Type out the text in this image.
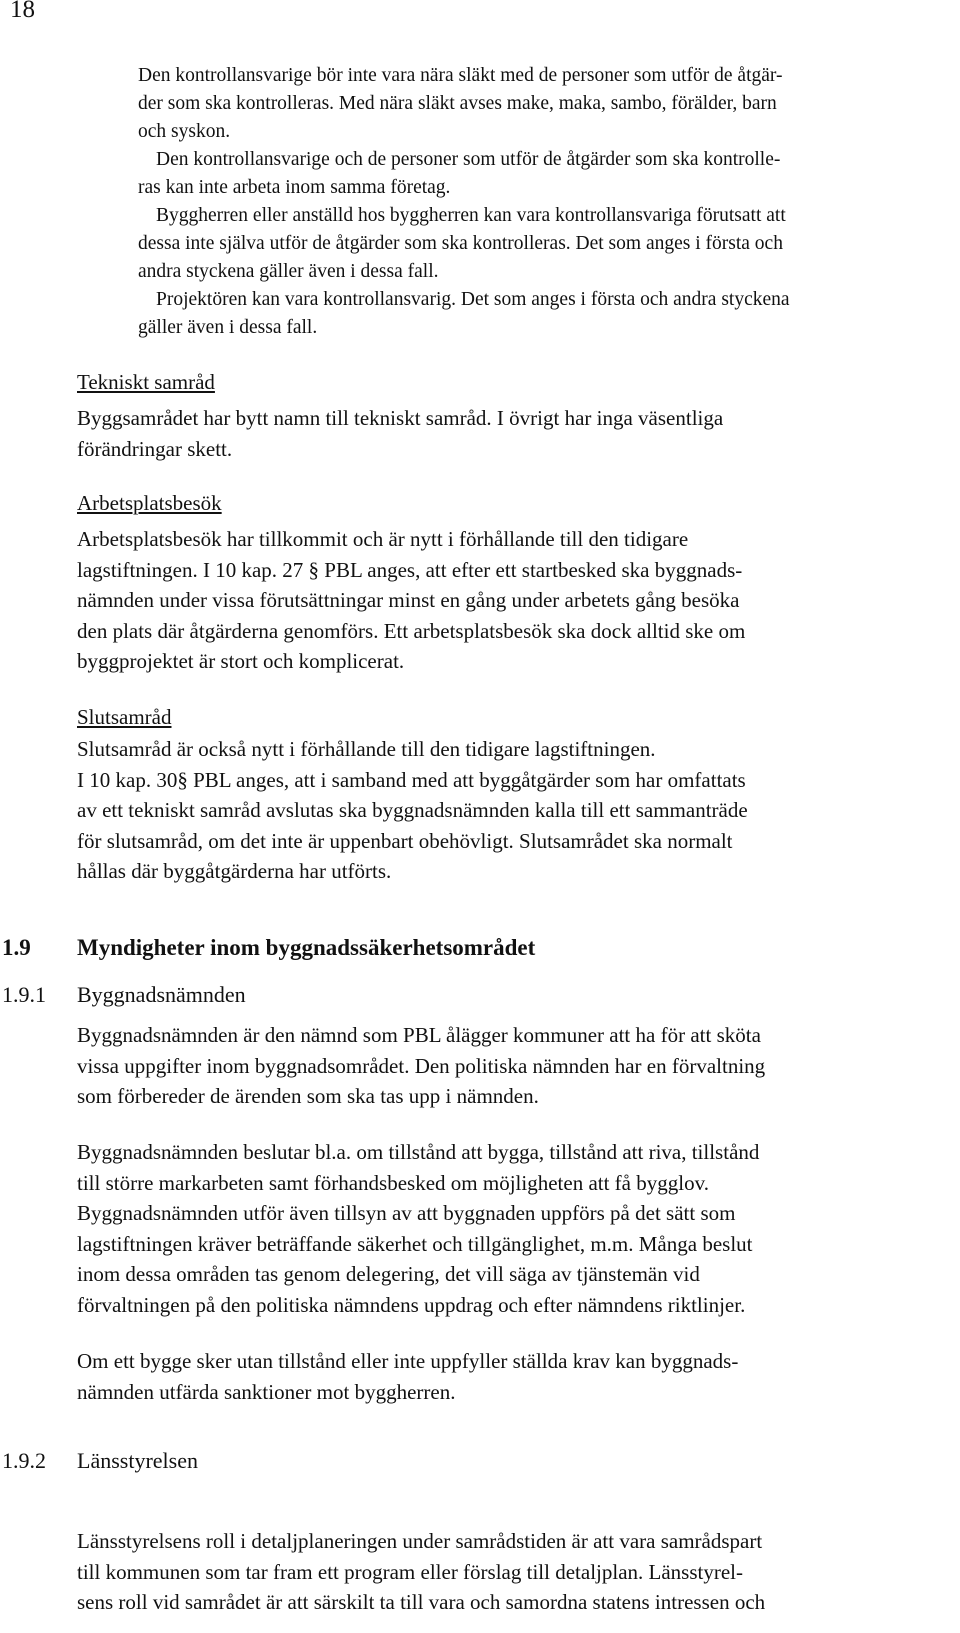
18
Den kontrollansvarige bör inte vara nära släkt med de personer som utför de åtgär-
der som ska kontrolleras. Med nära släkt avses make, maka, sambo, förälder, barn
och syskon.
Den kontrollansvarige och de personer som utför de åtgärder som ska kontrolle-
ras kan inte arbeta inom samma företag.
Byggherren eller anställd hos byggherren kan vara kontrollansvariga förutsatt att
dessa inte själva utför de åtgärder som ska kontrolleras. Det som anges i första och
andra styckena gäller även i dessa fall.
Projektören kan vara kontrollansvarig. Det som anges i första och andra styckena
gäller även i dessa fall.
Tekniskt samråd
Byggsamrådet har bytt namn till tekniskt samråd. I övrigt har inga väsentliga
förändringar skett.
Arbetsplatsbesök
Arbetsplatsbesök har tillkommit och är nytt i förhållande till den tidigare
lagstiftningen. I 10 kap. 27 § PBL anges, att efter ett startbesked ska byggnads-
nämnden under vissa förutsättningar minst en gång under arbetets gång besöka
den plats där åtgärderna genomförs. Ett arbetsplatsbesök ska dock alltid ske om
byggprojektet är stort och komplicerat.
Slutsamråd
Slutsamråd är också nytt i förhållande till den tidigare lagstiftningen.
I 10 kap. 30§ PBL anges, att i samband med att byggåtgärder som har omfattats
av ett tekniskt samråd avslutas ska byggnadsnämnden kalla till ett sammanträde
för slutsamråd, om det inte är uppenbart obehövligt. Slutsamrådet ska normalt
hållas där byggåtgärderna har utförts.
1.9 Myndigheter inom byggnadssäkerhetsområdet
1.9.1 Byggnadsnämnden
Byggnadsnämnden är den nämnd som PBL ålägger kommuner att ha för att sköta
vissa uppgifter inom byggnadsområdet. Den politiska nämnden har en förvaltning
som förbereder de ärenden som ska tas upp i nämnden.
Byggnadsnämnden beslutar bl.a. om tillstånd att bygga, tillstånd att riva, tillstånd
till större markarbeten samt förhandsbesked om möjligheten att få bygglov.
Byggnadsnämnden utför även tillsyn av att byggnaden uppförs på det sätt som
lagstiftningen kräver beträffande säkerhet och tillgänglighet, m.m. Många beslut
inom dessa områden tas genom delegering, det vill säga av tjänstemän vid
förvaltningen på den politiska nämndens uppdrag och efter nämndens riktlinjer.
Om ett bygge sker utan tillstånd eller inte uppfyller ställda krav kan byggnads-
nämnden utfärda sanktioner mot byggherren.
1.9.2 Länsstyrelsen
Länsstyrelsens roll i detaljplaneringen under samrådstiden är att vara samrådspart
till kommunen som tar fram ett program eller förslag till detaljplan. Länsstyrel-
sens roll vid samrådet är att särskilt ta till vara och samordna statens intressen och
